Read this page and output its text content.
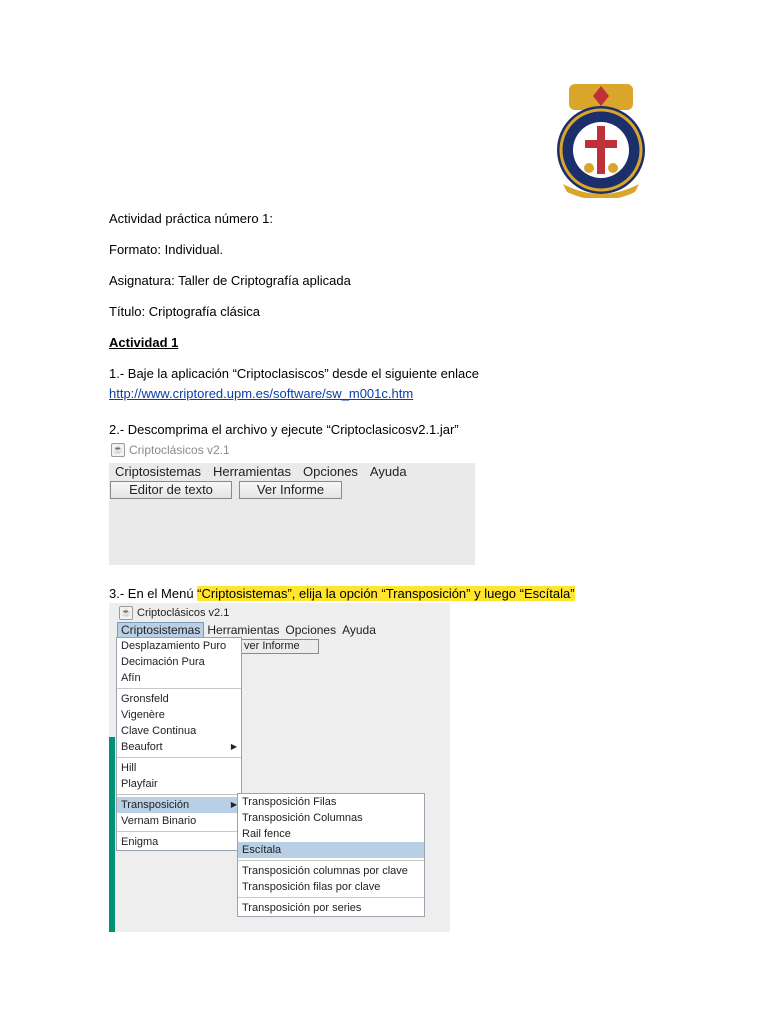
Actividad práctica número 1:
Formato: Individual.
Asignatura: Taller de Criptografía aplicada
Título: Criptografía clásica
Actividad 1
1.- Baje la aplicación “Criptoclasiscos” desde el siguiente enlace
http://www.criptored.upm.es/software/sw_m001c.htm
2.- Descomprima el archivo y ejecute “Criptoclasicosv2.1.jar”
3.- En el Menú “Criptosistemas”, elija la opción “Transposición” y luego “Escítala”
☕ Criptoclásicos v2.1
Criptosistemas Herramientas Opciones Ayuda
Editor de texto	Ver Informe
☕ Criptoclásicos v2.1
Criptosistemas Herramientas Opciones Ayuda
ver Informe
Desplazamiento Puro
Decimación Pura
Afín
Gronsfeld
Vigenère
Clave Continua
Beaufort	▶
Hill
Playfair
Transposición	▶
Vernam Binario
Enigma
Transposición Filas
Transposición Columnas
Rail fence
Escítala
Transposición columnas por clave
Transposición filas por clave
Transposición por series
